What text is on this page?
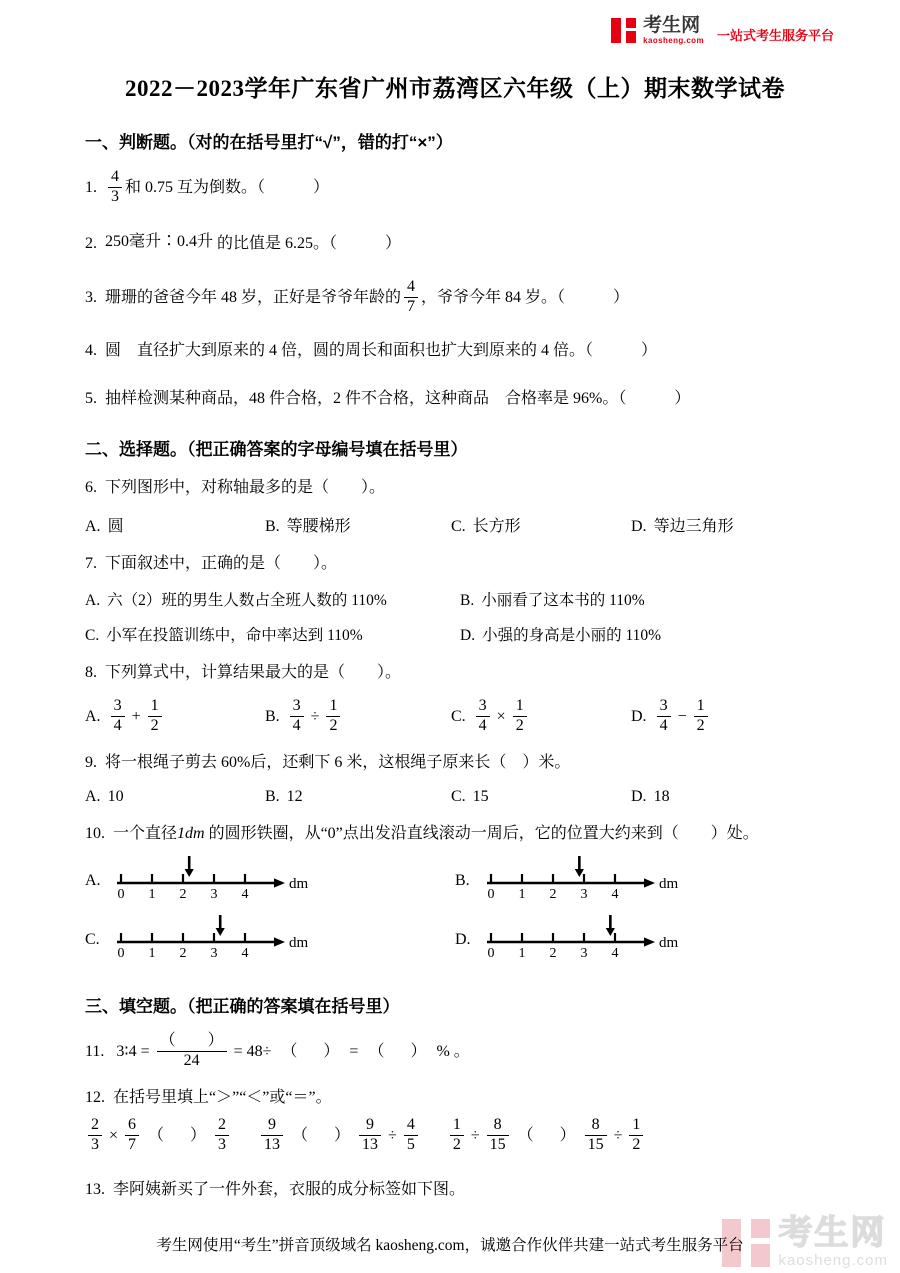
考生网
kaosheng.com 一站式考生服务平台
2022－2023学年广东省广州市荔湾区六年级（上）期末数学试卷
一、判断题。（对的在括号里打“√”，错的打“×”）
1. $\frac{4}{3}$ 和 0.75 互为倒数。（　　　）
2. 250毫升∶0.4升 的比值是 6.25。（　　　）
3. 珊珊的爸爸今年 48 岁，正好是爷爷年龄的 $\frac{4}{7}$ ，爷爷今年 84 岁。（　　　）
4. 圆　直径扩大到原来的 4 倍，圆的周长和面积也扩大到原来的 4 倍。（　　　）
5. 抽样检测某种商品，48 件合格，2 件不合格，这种商品　合格率是 96%。（　　　）
二、选择题。（把正确答案的字母编号填在括号里）
6. 下列图形中，对称轴最多的是（　　）。
A. 圆	B. 等腰梯形	C. 长方形	D. 等边三角形
7. 下面叙述中，正确的是（　　）。
A. 六（2）班的男生人数占全班人数的 110%	B. 小丽看了这本书的 110%
C. 小军在投篮训练中，命中率达到 110%	D. 小强的身高是小丽的 110%
8. 下列算式中，计算结果最大的是（　　）。
A. $\frac{3}{4} + \frac{1}{2}$	B. $\frac{3}{4} \div \frac{1}{2}$	C. $\frac{3}{4} \times \frac{1}{2}$	D. $\frac{3}{4} - \frac{1}{2}$
9. 将一根绳子剪去 60%后，还剩下 6 米，这根绳子原来长（　）米。
A. 10	B. 12	C. 15	D. 18
10. 一个直径1dm 的圆形铁圈，从“0”点出发沿直线滚动一周后，它的位置大约来到（　　）处。
A.
0 1 2 3 4
dm	B.
0 1 2 3 4
dm
C.
0 1 2 3 4
dm	D.
0 1 2 3 4
dm
三、填空题。（把正确的答案填在括号里）
11. 3∶4 = $\frac{( )}{24} = 48\div$ （ ） = （ ） % 。
12. 在括号里填上“＞”“＜”或“＝”。
$\frac{2}{3} \times \frac{6}{7}$ （ ） $\frac{2}{3} \frac{9}{13}$ （ ） $\frac{9}{13} \div \frac{4}{5} \frac{1}{2} \div \frac{8}{15}$ （ ） $\frac{8}{15} \div \frac{1}{2}$
13. 李阿姨新买了一件外套，衣服的成分标签如下图。
考生网
kaosheng.com
考生网使用“考生”拼音顶级域名 kaosheng.com，诚邀合作伙伴共建一站式考生服务平台
